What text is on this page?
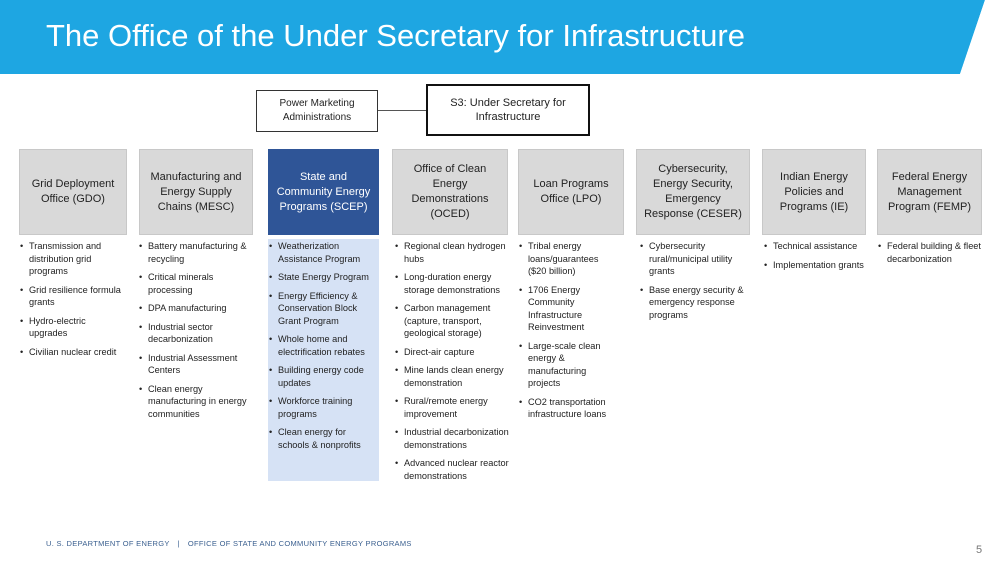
The Office of the Under Secretary for Infrastructure
Power Marketing Administrations
S3: Under Secretary for Infrastructure
Grid Deployment Office (GDO)
Manufacturing and Energy Supply Chains (MESC)
State and Community Energy Programs (SCEP)
Office of Clean Energy Demonstrations (OCED)
Loan Programs Office (LPO)
Cybersecurity, Energy Security, Emergency Response (CESER)
Indian Energy Policies and Programs (IE)
Federal Energy Management Program (FEMP)
• Transmission and distribution grid programs
• Grid resilience formula grants
• Hydro-electric upgrades
• Civilian nuclear credit
• Battery manufacturing & recycling
• Critical minerals processing
• DPA manufacturing
• Industrial sector decarbonization
• Industrial Assessment Centers
• Clean energy manufacturing in energy communities
• Weatherization Assistance Program
• State Energy Program
• Energy Efficiency & Conservation Block Grant Program
• Whole home and electrification rebates
• Building energy code updates
• Workforce training programs
• Clean energy for schools & nonprofits
• Regional clean hydrogen hubs
• Long-duration energy storage demonstrations
• Carbon management (capture, transport, geological storage)
• Direct-air capture
• Mine lands clean energy demonstration
• Rural/remote energy improvement
• Industrial decarbonization demonstrations
• Advanced nuclear reactor demonstrations
• Tribal energy loans/guarantees ($20 billion)
• 1706 Energy Community Infrastructure Reinvestment
• Large-scale clean energy & manufacturing projects
• CO2 transportation infrastructure loans
• Cybersecurity rural/municipal utility grants
• Base energy security & emergency response programs
• Technical assistance
• Implementation grants
• Federal building & fleet decarbonization
U. S. DEPARTMENT OF ENERGY | OFFICE OF STATE AND COMMUNITY ENERGY PROGRAMS
5
